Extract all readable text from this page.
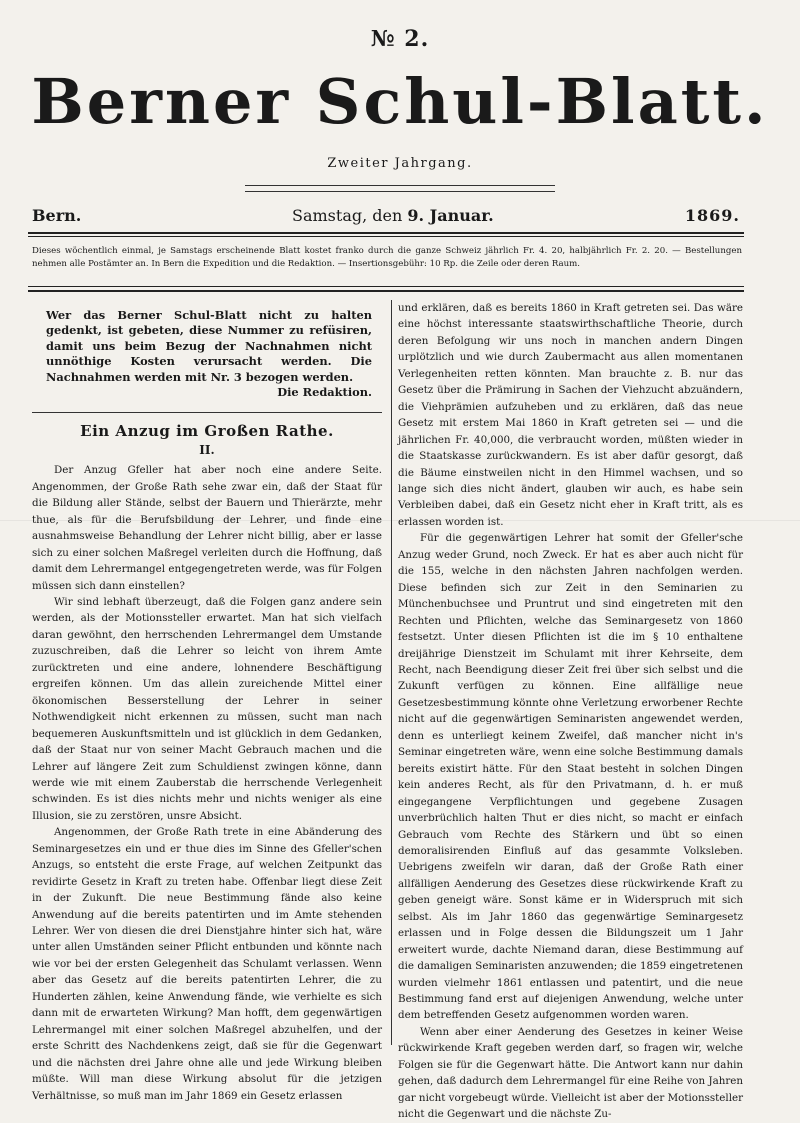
№ 2.
Berner Schul-Blatt.
Zweiter Jahrgang.
Bern.	Samstag, den 9. Januar.	1869.
Dieses wöchentlich einmal, je Samstags erscheinende Blatt kostet franko durch die ganze Schweiz jährlich Fr. 4. 20, halbjährlich Fr. 2. 20. — Bestellungen nehmen alle Postämter an. In Bern die Expedition und die Redaktion. — Insertionsgebühr: 10 Rp. die Zeile oder deren Raum.
Wer das Berner Schul-Blatt nicht zu halten gedenkt, ist gebeten, diese Nummer zu refüsiren, damit uns beim Bezug der Nachnahmen nicht unnöthige Kosten verursacht werden. Die Nachnahmen werden mit Nr. 3 bezogen werden.
Die Redaktion.
Ein Anzug im Großen Rathe.
II.

Der Anzug Gfeller hat aber noch eine andere Seite. Angenommen, der Große Rath sehe zwar ein, daß der Staat für die Bildung aller Stände, selbst der Bauern und Thierärzte, mehr thue, als für die Berufsbildung der Lehrer, und finde eine ausnahmsweise Behandlung der Lehrer nicht billig, aber er lasse sich zu einer solchen Maßregel verleiten durch die Hoffnung, daß damit dem Lehrermangel entgegengetreten werde, was für Folgen müssen sich dann einstellen?

Wir sind lebhaft überzeugt, daß die Folgen ganz andere sein werden, als der Motionssteller erwartet. Man hat sich vielfach daran gewöhnt, den herrschenden Lehrermangel dem Umstande zuzuschreiben, daß die Lehrer so leicht von ihrem Amte zurücktreten und eine andere, lohnendere Beschäftigung ergreifen können. Um das allein zureichende Mittel einer ökonomischen Besserstellung der Lehrer in seiner Nothwendigkeit nicht erkennen zu müssen, sucht man nach bequemeren Auskunftsmitteln und ist glücklich in dem Gedanken, daß der Staat nur von seiner Macht Gebrauch machen und die Lehrer auf längere Zeit zum Schuldienst zwingen könne, dann werde wie mit einem Zauberstab die herrschende Verlegenheit schwinden. Es ist dies nichts mehr und nichts weniger als eine Illusion, sie zu zerstören, unsre Absicht.

Angenommen, der Große Rath trete in eine Abänderung des Seminargesetzes ein und er thue dies im Sinne des Gfeller'schen Anzugs, so entsteht die erste Frage, auf welchen Zeitpunkt das revidirte Gesetz in Kraft zu treten habe. Offenbar liegt diese Zeit in der Zukunft. Die neue Bestimmung fände also keine Anwendung auf die bereits patentirten und im Amte stehenden Lehrer. Wer von diesen die drei Dienstjahre hinter sich hat, wäre unter allen Umständen seiner Pflicht entbunden und könnte nach wie vor bei der ersten Gelegenheit das Schulamt verlassen. Wenn aber das Gesetz auf die bereits patentirten Lehrer, die zu Hunderten zählen, keine Anwendung fände, wie verhielte es sich dann mit de erwarteten Wirkung? Man hofft, dem gegenwärtigen Lehrermangel mit einer solchen Maßregel abzuhelfen, und der erste Schritt des Nachdenkens zeigt, daß sie für die Gegenwart und die nächsten drei Jahre ohne alle und jede Wirkung bleiben müßte. Will man diese Wirkung absolut für die jetzigen Verhältnisse, so muß man im Jahr 1869 ein Gesetz erlassen

und erklären, daß es bereits 1860 in Kraft getreten sei. Das wäre eine höchst interessante staatswirthschaftliche Theorie, durch deren Befolgung wir uns noch in manchen andern Dingen urplötzlich und wie durch Zaubermacht aus allen momentanen Verlegenheiten retten könnten. Man brauchte z. B. nur das Gesetz über die Prämirung in Sachen der Viehzucht abzuändern, die Viehprämien aufzuheben und zu erklären, daß das neue Gesetz mit erstem Mai 1860 in Kraft getreten sei — und die jährlichen Fr. 40,000, die verbraucht worden, müßten wieder in die Staatskasse zurückwandern. Es ist aber dafür gesorgt, daß die Bäume einstweilen nicht in den Himmel wachsen, und so lange sich dies nicht ändert, glauben wir auch, es habe sein Verbleiben dabei, daß ein Gesetz nicht eher in Kraft tritt, als es erlassen worden ist.

Für die gegenwärtigen Lehrer hat somit der Gfeller'sche Anzug weder Grund, noch Zweck. Er hat es aber auch nicht für die 155, welche in den nächsten Jahren nachfolgen werden. Diese befinden sich zur Zeit in den Seminarien zu Münchenbuchsee und Pruntrut und sind eingetreten mit den Rechten und Pflichten, welche das Seminargesetz von 1860 festsetzt. Unter diesen Pflichten ist die im § 10 enthaltene dreijährige Dienstzeit im Schulamt mit ihrer Kehrseite, dem Recht, nach Beendigung dieser Zeit frei über sich selbst und die Zukunft verfügen zu können. Eine allfällige neue Gesetzesbestimmung könnte ohne Verletzung erworbener Rechte nicht auf die gegenwärtigen Seminaristen angewendet werden, denn es unterliegt keinem Zweifel, daß mancher nicht in's Seminar eingetreten wäre, wenn eine solche Bestimmung damals bereits existirt hätte. Für den Staat besteht in solchen Dingen kein anderes Recht, als für den Privatmann, d. h. er muß eingegangene Verpflichtungen und gegebene Zusagen unverbrüchlich halten Thut er dies nicht, so macht er einfach Gebrauch vom Rechte des Stärkern und übt so einen demoralisirenden Einfluß auf das gesammte Volksleben. Uebrigens zweifeln wir daran, daß der Große Rath einer allfälligen Aenderung des Gesetzes diese rückwirkende Kraft zu geben geneigt wäre. Sonst käme er in Widerspruch mit sich selbst. Als im Jahr 1860 das gegenwärtige Seminargesetz erlassen und in Folge dessen die Bildungszeit um 1 Jahr erweitert wurde, dachte Niemand daran, diese Bestimmung auf die damaligen Seminaristen anzuwenden; die 1859 eingetretenen wurden vielmehr 1861 entlassen und patentirt, und die neue Bestimmung fand erst auf diejenigen Anwendung, welche unter dem betreffenden Gesetz aufgenommen worden waren.

Wenn aber einer Aenderung des Gesetzes in keiner Weise rückwirkende Kraft gegeben werden darf, so fragen wir, welche Folgen sie für die Gegenwart hätte. Die Antwort kann nur dahin gehen, daß dadurch dem Lehrermangel für eine Reihe von Jahren gar nicht vorgebeugt würde. Vielleicht ist aber der Motionssteller nicht die Gegenwart und die nächste Zu-
